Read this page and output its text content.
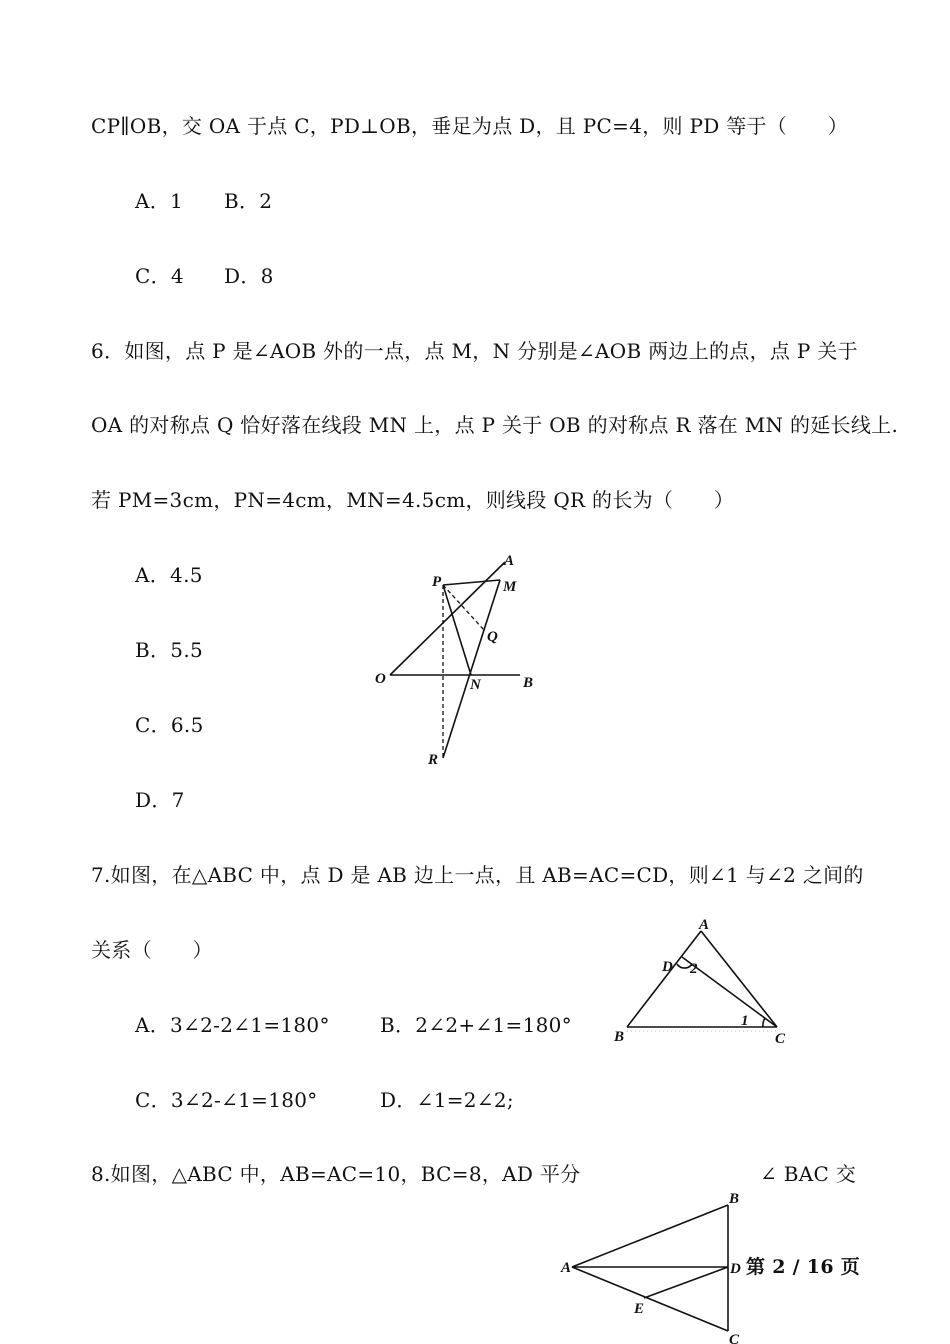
CP∥OB，交 OA 于点 C，PD⊥OB，垂足为点 D，且 PC=4，则 PD 等于（　　）
A．1 B．2
C．4 D．8
6．如图，点 P 是∠AOB 外的一点，点 M，N 分别是∠AOB 两边上的点，点 P 关于
OA 的对称点 Q 恰好落在线段 MN 上，点 P 关于 OB 的对称点 R 落在 MN 的延长线上.
若 PM=3cm，PN=4cm，MN=4.5cm，则线段 QR 的长为（　　）
A．4.5
B．5.5
C．6.5
D．7
A
P	M
Q
O	N	B
R
7.如图，在△ABC 中，点 D 是 AB 边上一点，且 AB=AC=CD，则∠1 与∠2 之间的
关系（　　）
A．3∠2-2∠1=180°	B．2∠2+∠1=180°
C．3∠2-∠1=180°	D．∠1=2∠2;
A
D 2
1
B	C
8.如图，△ABC 中，AB=AC=10，BC=8，AD 平分	∠ BAC 交
B
A	D
E
C
第 2 / 16 页
